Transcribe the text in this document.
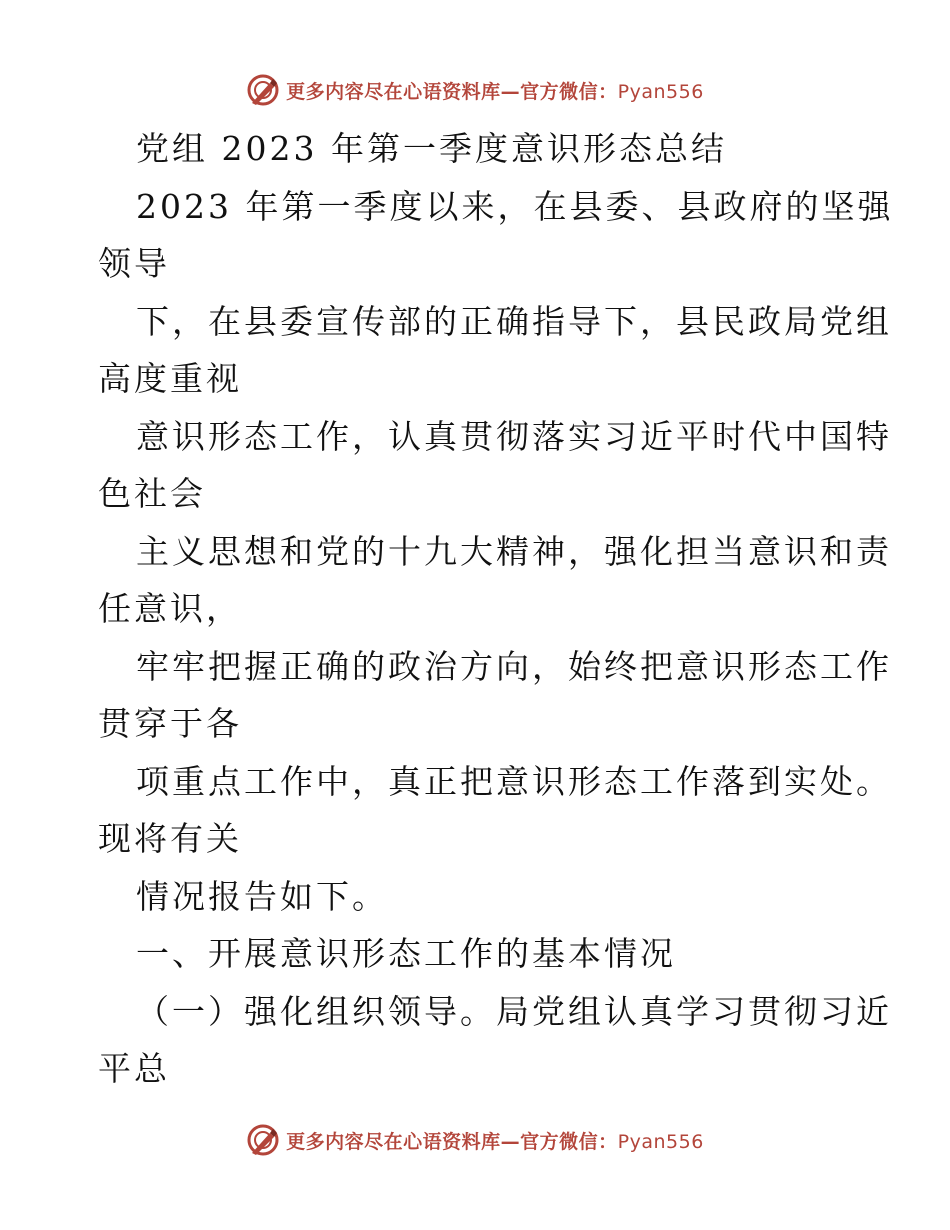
更多内容尽在心语资料库—官方微信：Pyan556
党组 2023 年第一季度意识形态总结
2023 年第一季度以来，在县委、县政府的坚强
领导
下，在县委宣传部的正确指导下，县民政局党组
高度重视
意识形态工作，认真贯彻落实习近平时代中国特
色社会
主义思想和党的十九大精神，强化担当意识和责
任意识，
牢牢把握正确的政治方向，始终把意识形态工作
贯穿于各
项重点工作中，真正把意识形态工作落到实处。
现将有关
情况报告如下。
一、开展意识形态工作的基本情况
（一）强化组织领导。局党组认真学习贯彻习近
平总
更多内容尽在心语资料库—官方微信：Pyan556
